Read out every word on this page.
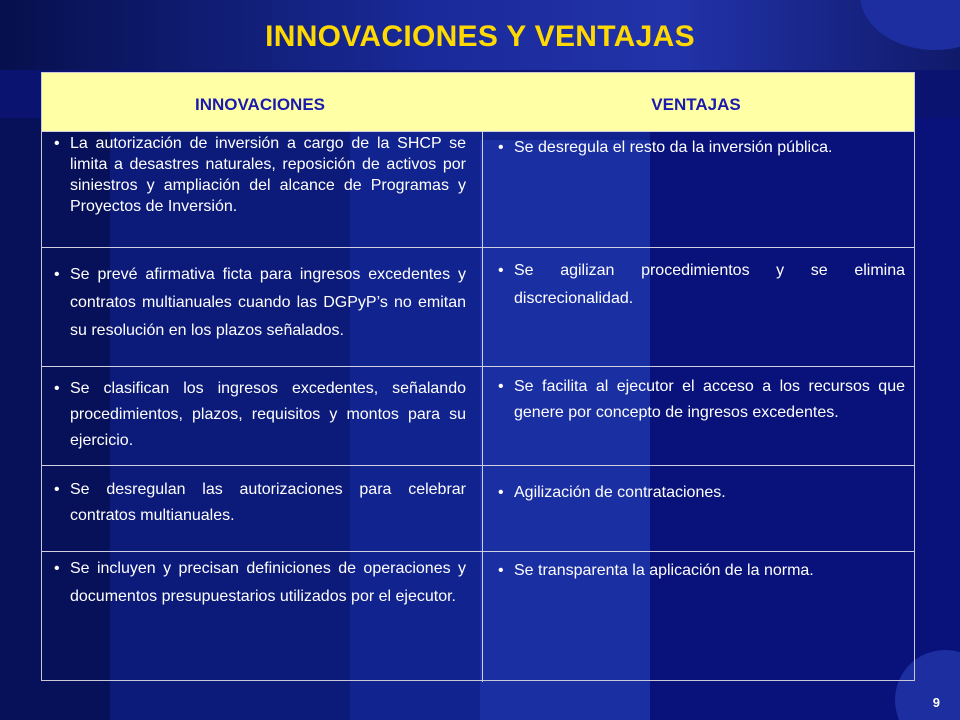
INNOVACIONES Y VENTAJAS
INNOVACIONES	VENTAJAS
• La autorización de inversión a cargo de la SHCP se limita a desastres naturales, reposición de activos por siniestros y ampliación del alcance de Programas y Proyectos de Inversión.
• Se desregula el resto da la inversión pública.
• Se prevé afirmativa ficta para ingresos excedentes y contratos multianuales cuando las DGPyP’s no emitan su resolución en los plazos señalados.
• Se agilizan procedimientos y se elimina discrecionalidad.
• Se clasifican los ingresos excedentes, señalando procedimientos, plazos, requisitos y montos para su ejercicio.
• Se facilita al ejecutor el acceso a los recursos que genere por concepto de ingresos excedentes.
• Se desregulan las autorizaciones para celebrar contratos multianuales.
• Agilización de contrataciones.
• Se incluyen y precisan definiciones de operaciones y documentos presupuestarios utilizados por el ejecutor.
• Se transparenta la aplicación de la norma.
9
